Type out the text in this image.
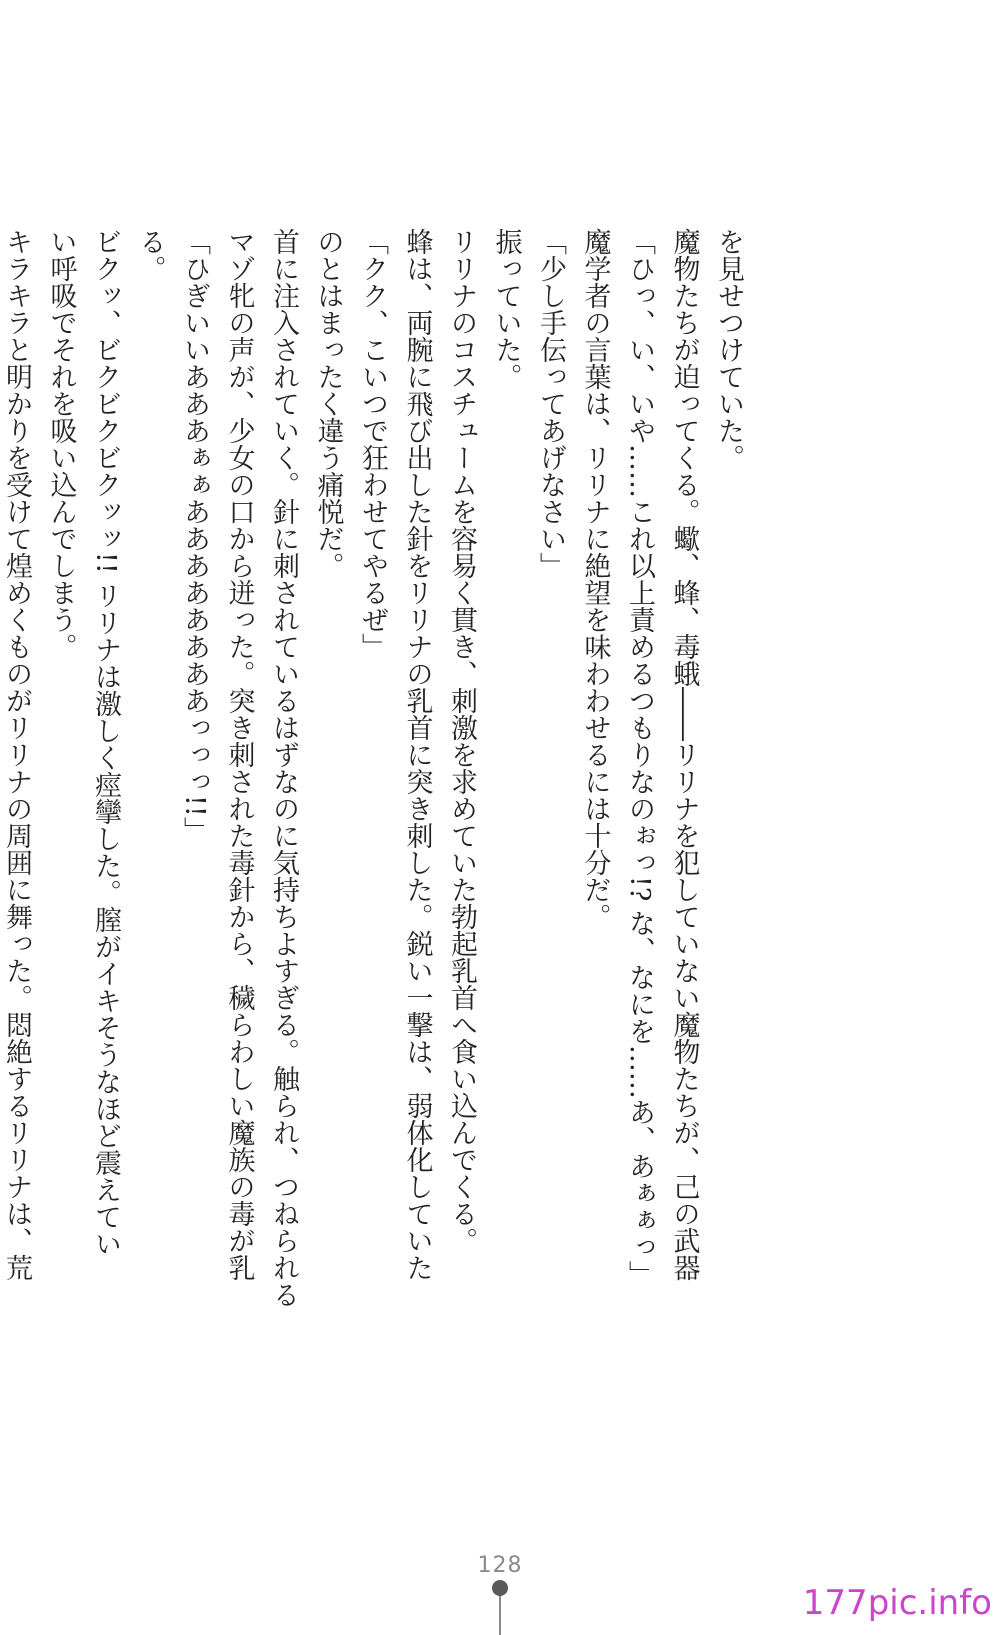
を見せつけていた。
魔物たちが迫ってくる。蠍、蜂、毒蛾――リリナを犯していない魔物たちが、己の武器
「ひっ、い、いや……これ以上責めるつもりなのぉっ!? な、なにを……あ、あぁぁっ」
魔学者の言葉は、リリナに絶望を味わわせるには十分だ。
「少し手伝ってあげなさい」
振っていた。
リリナのコスチュームを容易く貫き、刺激を求めていた勃起乳首へ食い込んでくる。
蜂は、両腕に飛び出した針をリリナの乳首に突き刺した。鋭い一撃は、弱体化していた
「クク、こいつで狂わせてやるぜ」
のとはまったく違う痛悦だ。
首に注入されていく。針に刺されているはずなのに気持ちよすぎる。触られ、つねられる
マゾ牝の声が、少女の口から迸った。突き刺された毒針から、穢らわしい魔族の毒が乳
「ひぎいいあああぁぁああああああああっっっ!!」
る。
ビクッ、ビクビクビクッッ!! リリナは激しく痙攣した。膣がイキそうなほど震えてい
い呼吸でそれを吸い込んでしまう。
キラキラと明かりを受けて煌めくものがリリナの周囲に舞った。悶絶するリリナは、荒
128
177pic.info
